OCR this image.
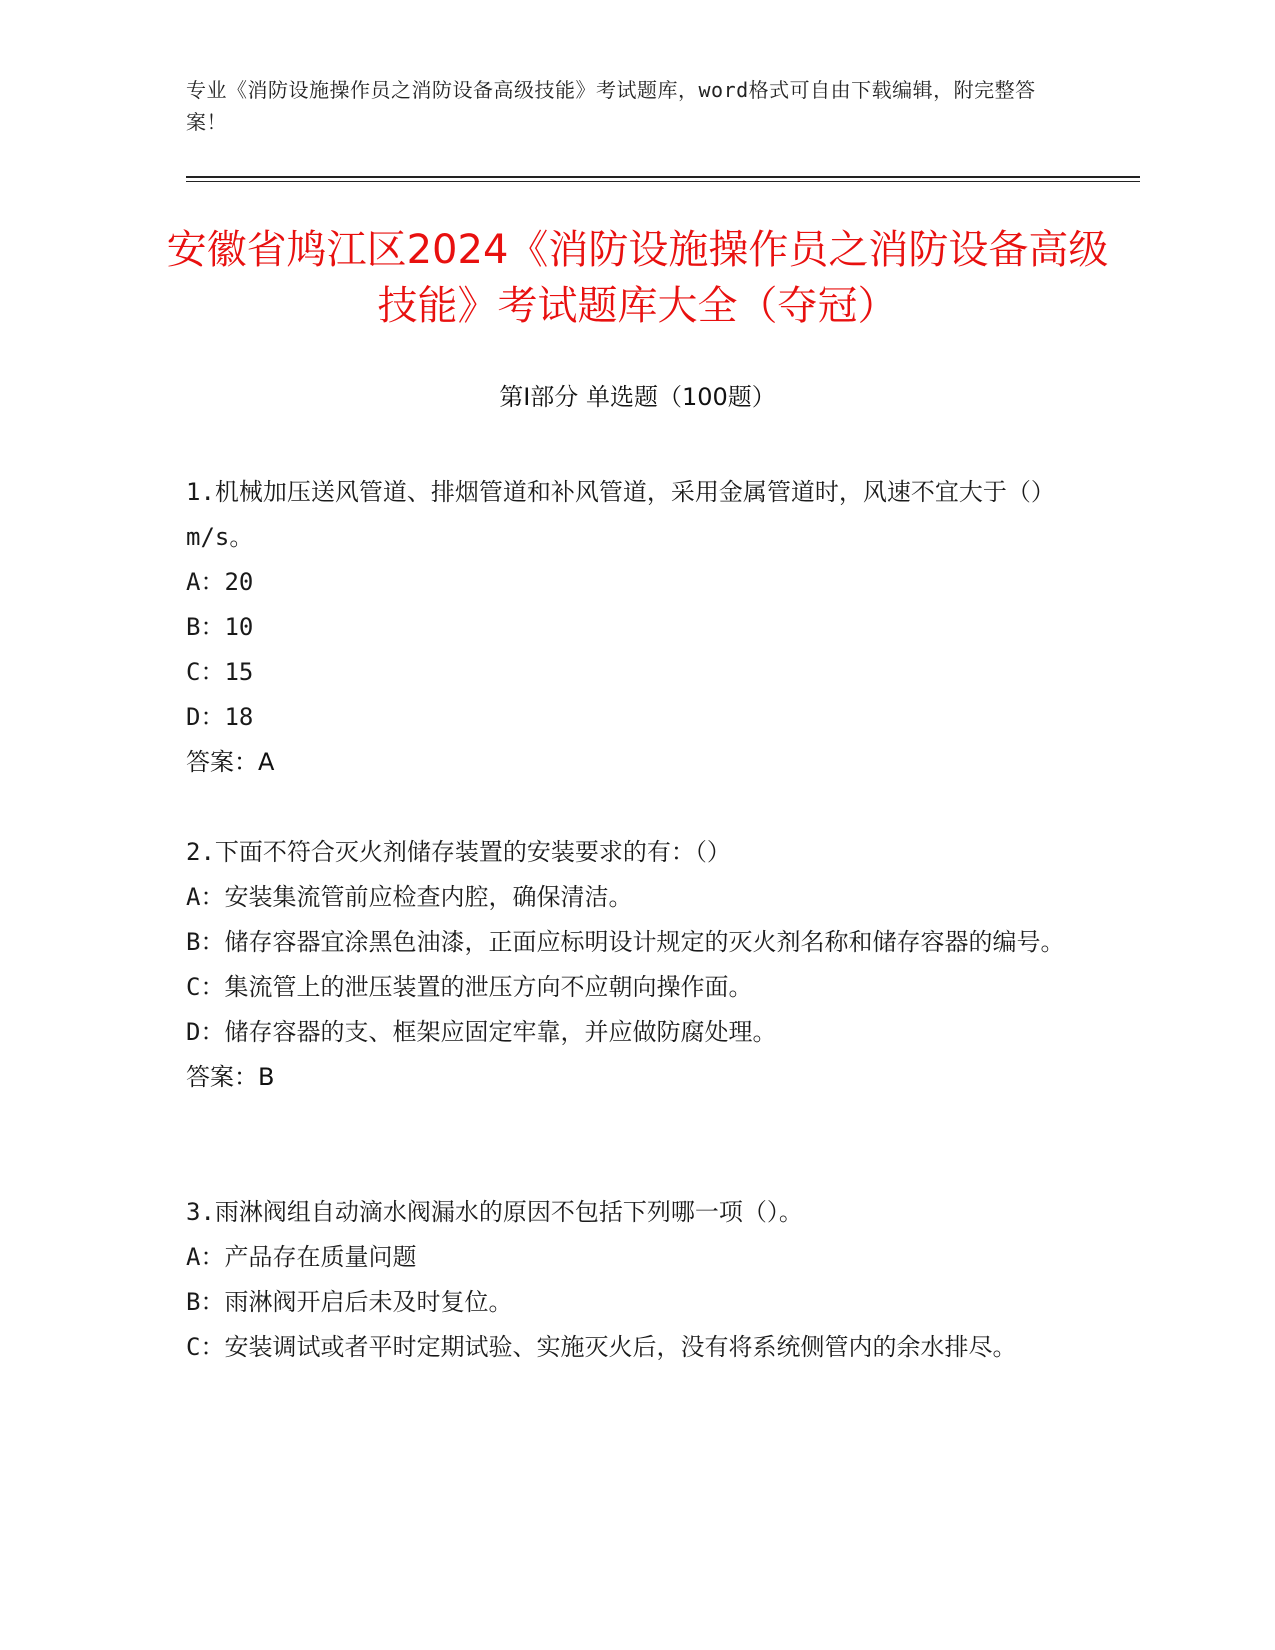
专业《消防设施操作员之消防设备高级技能》考试题库，word格式可自由下载编辑，附完整答案！
安徽省鸠江区2024《消防设施操作员之消防设备高级技能》考试题库大全（夺冠）
第Ⅰ部分 单选题（100题）
1.机械加压送风管道、排烟管道和补风管道，采用金属管道时，风速不宜大于（）m/s。
A：20
B：10
C：15
D：18
答案：A
2.下面不符合灭火剂储存装置的安装要求的有：（）
A：安装集流管前应检查内腔，确保清洁。
B：储存容器宜涂黑色油漆，正面应标明设计规定的灭火剂名称和储存容器的编号。
C：集流管上的泄压装置的泄压方向不应朝向操作面。
D：储存容器的支、框架应固定牢靠，并应做防腐处理。
答案：B
3.雨淋阀组自动滴水阀漏水的原因不包括下列哪一项（）。
A：产品存在质量问题
B：雨淋阀开启后未及时复位。
C：安装调试或者平时定期试验、实施灭火后，没有将系统侧管内的余水排尽。
